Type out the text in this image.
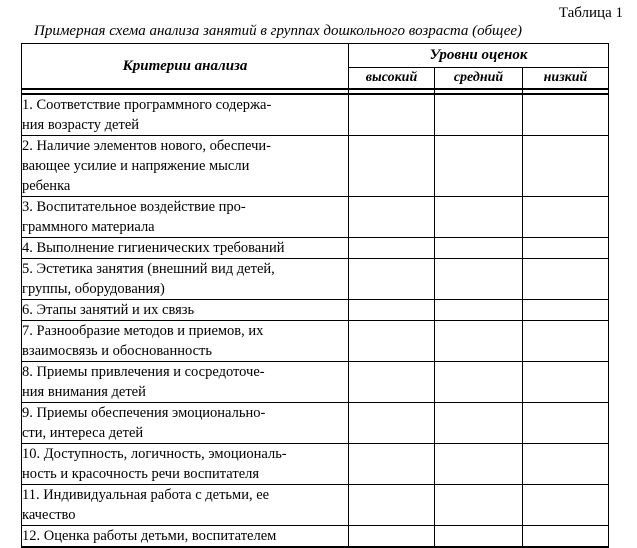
Таблица 1
Примерная схема анализа занятий в группах дошкольного возраста (общее)
Критерии анализа	Уровни оценок		
	высокий	средний	низкий

1. Соответствие программного содержа-
ния возрасту детей			
2. Наличие элементов нового, обеспечи-
вающее усилие и напряжение мысли
ребенка			
3. Воспитательное воздействие про-
граммного материала			
4. Выполнение гигиенических требований			
5. Эстетика занятия (внешний вид детей,
группы, оборудования)			
6. Этапы занятий и их связь			
7. Разнообразие методов и приемов, их
взаимосвязь и обоснованность			
8. Приемы привлечения и сосредоточе-
ния внимания детей			
9. Приемы обеспечения эмоционально-
сти, интереса детей			
10. Доступность, логичность, эмоциональ-
ность и красочность речи воспитателя			
11. Индивидуальная работа с детьми, ее
качество			
12. Оценка работы детьми, воспитателем			
